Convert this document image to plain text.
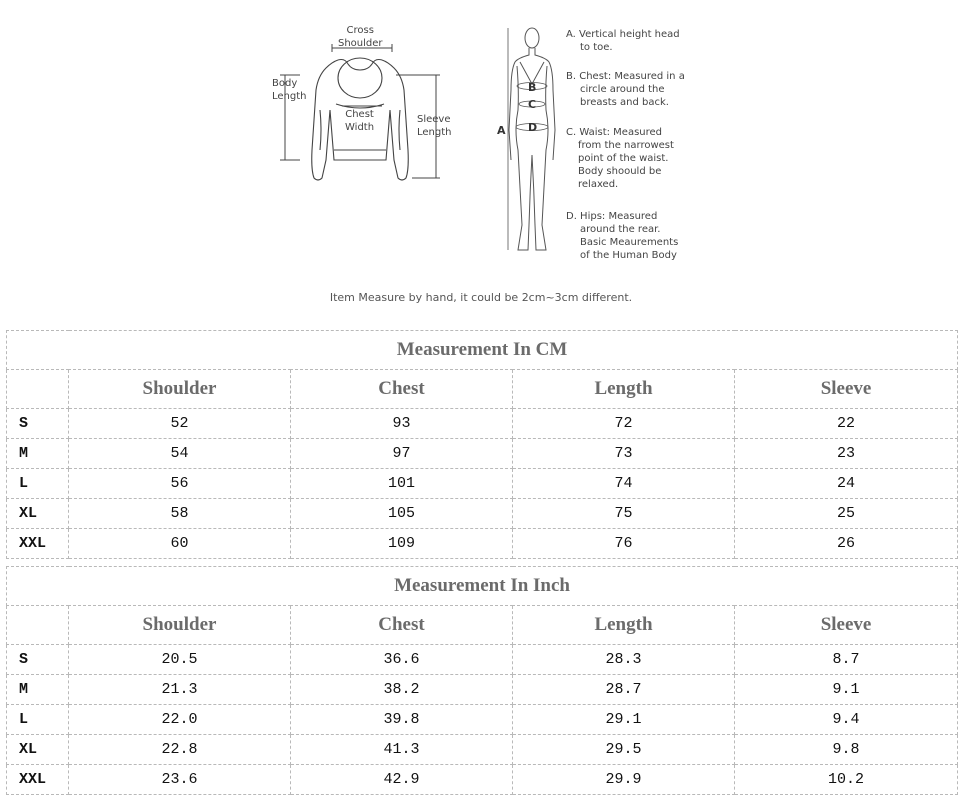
Cross
Shoulder
Body
Length
Chest
Width
Sleeve
Length
B
C
A D
A. Vertical height head
to toe.
B. Chest: Measured in a
circle around the
breasts and back.
C. Waist: Measured
from the narrowest
point of the waist.
Body shoould be
relaxed.
D. Hips: Measured
around the rear.
Basic Meaurements
of the Human Body
Item Measure by hand, it could be 2cm~3cm different.
Measurement In CM				
	Shoulder	Chest	Length	Sleeve
S	52	93	72	22
M	54	97	73	23
L	56	101	74	24
XL	58	105	75	25
XXL	60	109	76	26
Measurement In Inch				
	Shoulder	Chest	Length	Sleeve
S	20.5	36.6	28.3	8.7
M	21.3	38.2	28.7	9.1
L	22.0	39.8	29.1	9.4
XL	22.8	41.3	29.5	9.8
XXL	23.6	42.9	29.9	10.2
